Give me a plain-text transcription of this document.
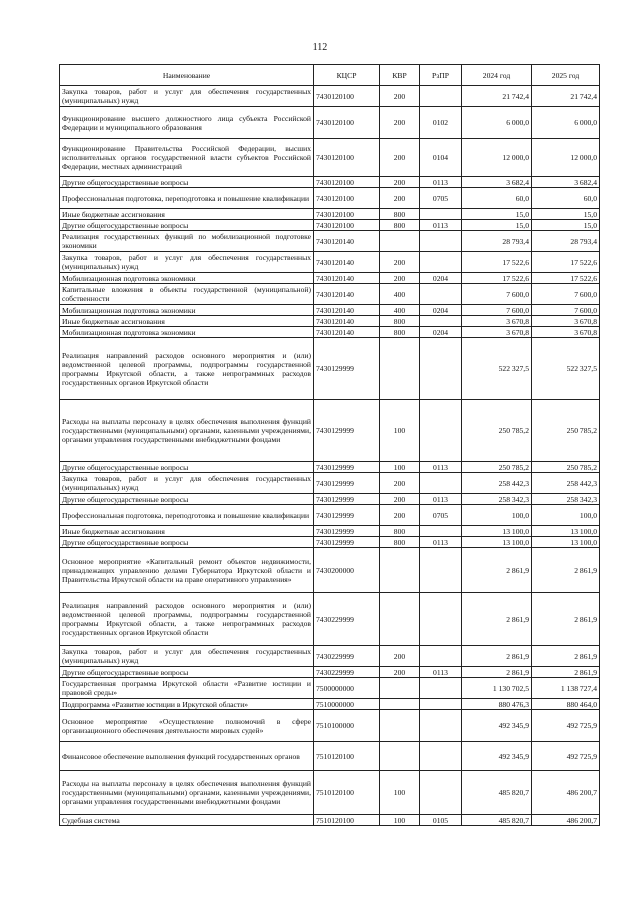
112
Наименование	КЦСР	КВР	РзПР	2024 год	2025 год
Закупка товаров, работ и услуг для обеспечения государственных (муниципальных) нужд	7430120100	200		21 742,4	21 742,4
Функционирование высшего должностного лица субъекта Российской Федерации и муниципального образования	7430120100	200	0102	6 000,0	6 000,0
Функционирование Правительства Российской Федерации, высших исполнительных органов государственной власти субъектов Российской Федерации, местных администраций	7430120100	200	0104	12 000,0	12 000,0
Другие общегосударственные вопросы	7430120100	200	0113	3 682,4	3 682,4
Профессиональная подготовка, переподготовка и повышение квалификации	7430120100	200	0705	60,0	60,0
Иные бюджетные ассигнования	7430120100	800		15,0	15,0
Другие общегосударственные вопросы	7430120100	800	0113	15,0	15,0
Реализация государственных функций по мобилизационной подготовке экономики	7430120140			28 793,4	28 793,4
Закупка товаров, работ и услуг для обеспечения государственных (муниципальных) нужд	7430120140	200		17 522,6	17 522,6
Мобилизационная подготовка экономики	7430120140	200	0204	17 522,6	17 522,6
Капитальные вложения в объекты государственной (муниципальной) собственности	7430120140	400		7 600,0	7 600,0
Мобилизационная подготовка экономики	7430120140	400	0204	7 600,0	7 600,0
Иные бюджетные ассигнования	7430120140	800		3 670,8	3 670,8
Мобилизационная подготовка экономики	7430120140	800	0204	3 670,8	3 670,8
Реализация направлений расходов основного мероприятия и (или) ведомственной целевой программы, подпрограммы государственной программы Иркутской области, а также непрограммных расходов государственных органов Иркутской области	7430129999			522 327,5	522 327,5
Расходы на выплаты персоналу в целях обеспечения выполнения функций государственными (муниципальными) органами, казенными учреждениями, органами управления государственными внебюджетными фондами	7430129999	100		250 785,2	250 785,2
Другие общегосударственные вопросы	7430129999	100	0113	250 785,2	250 785,2
Закупка товаров, работ и услуг для обеспечения государственных (муниципальных) нужд	7430129999	200		258 442,3	258 442,3
Другие общегосударственные вопросы	7430129999	200	0113	258 342,3	258 342,3
Профессиональная подготовка, переподготовка и повышение квалификации	7430129999	200	0705	100,0	100,0
Иные бюджетные ассигнования	7430129999	800		13 100,0	13 100,0
Другие общегосударственные вопросы	7430129999	800	0113	13 100,0	13 100,0
Основное мероприятие «Капитальный ремонт объектов недвижимости, принадлежащих управлению делами Губернатора Иркутской области и Правительства Иркутской области на праве оперативного управления»	7430200000			2 861,9	2 861,9
Реализация направлений расходов основного мероприятия и (или) ведомственной целевой программы, подпрограммы государственной программы Иркутской области, а также непрограммных расходов государственных органов Иркутской области	7430229999			2 861,9	2 861,9
Закупка товаров, работ и услуг для обеспечения государственных (муниципальных) нужд	7430229999	200		2 861,9	2 861,9
Другие общегосударственные вопросы	7430229999	200	0113	2 861,9	2 861,9
Государственная программа Иркутской области «Развитие юстиции и правовой среды»	7500000000			1 130 702,5	1 138 727,4
Подпрограмма «Развитие юстиции в Иркутской области»	7510000000			880 476,3	880 464,0
Основное мероприятие «Осуществление полномочий в сфере организационного обеспечения деятельности мировых судей»	7510100000			492 345,9	492 725,9
Финансовое обеспечение выполнения функций государственных органов	7510120100			492 345,9	492 725,9
Расходы на выплаты персоналу в целях обеспечения выполнения функций государственными (муниципальными) органами, казенными учреждениями, органами управления государственными внебюджетными фондами	7510120100	100		485 820,7	486 200,7
Судебная система	7510120100	100	0105	485 820,7	486 200,7
